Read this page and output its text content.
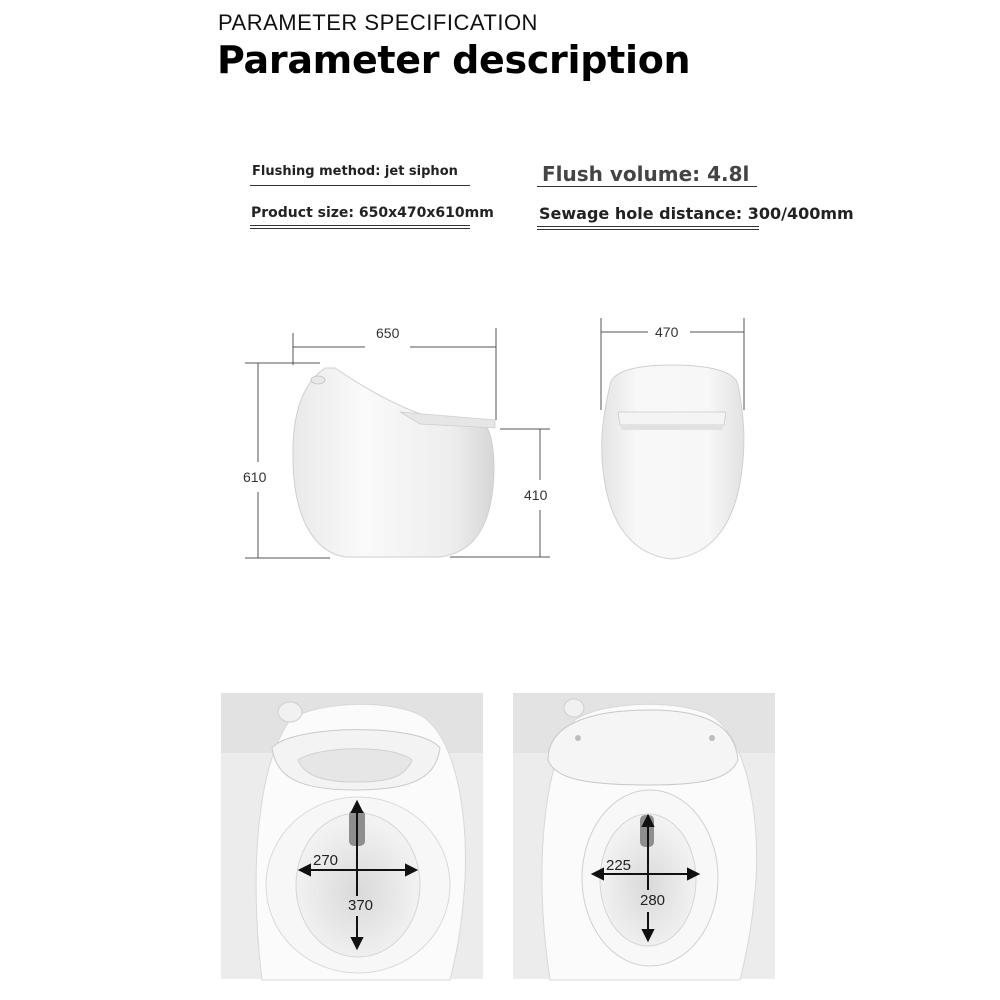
PARAMETER SPECIFICATION
Parameter description
Flushing method: jet siphon	Flush volume: 4.8l
Product size: 650x470x610mm	Sewage hole distance: 300/400mm
650
610
410
470
270
370
225
280
